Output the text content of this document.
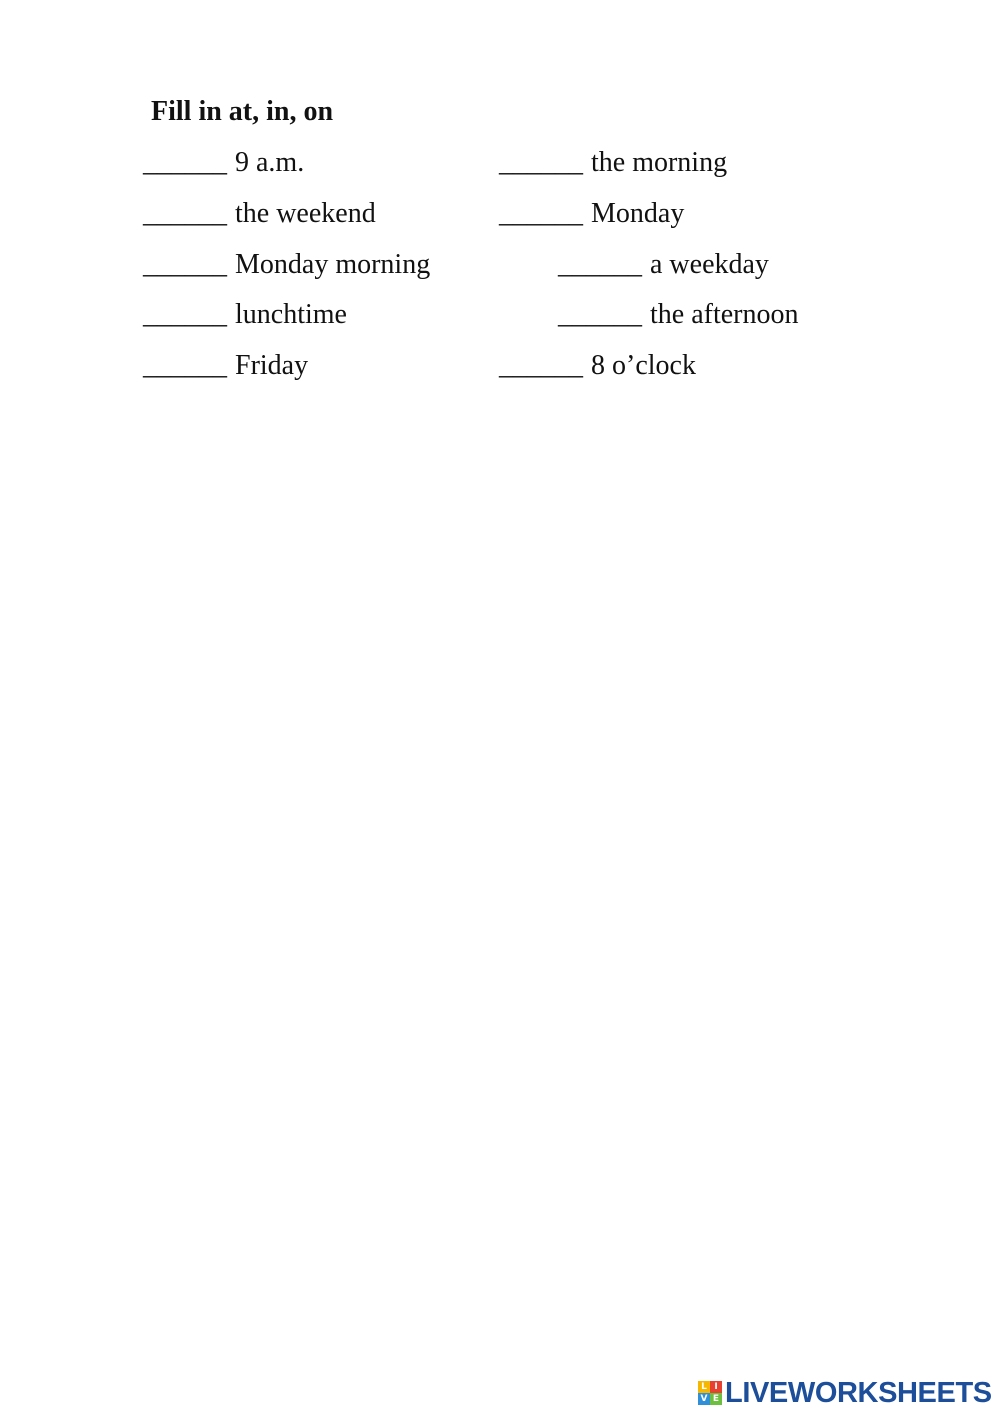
Fill in at, in, on
______ 9 a.m.
______ the weekend
______ Monday morning
______ lunchtime
______ Friday
______ the morning
______ Monday
______ a weekday
______ the afternoon
______ 8 o’clock
L I
V E LIVEWORKSHEETS
